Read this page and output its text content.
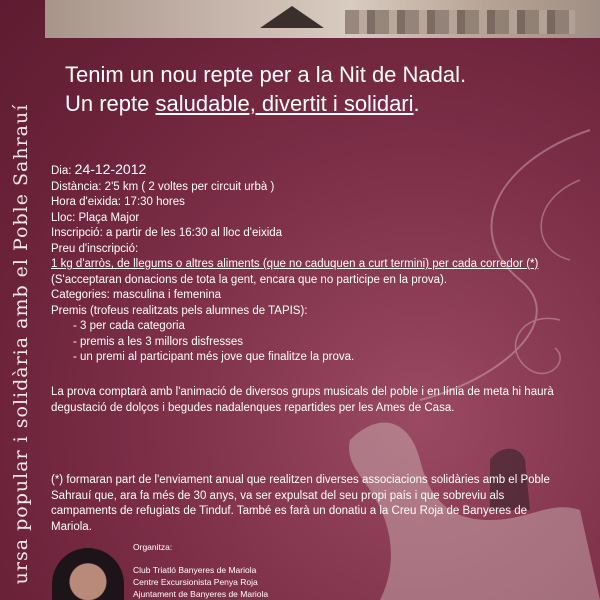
ursa popular i solidària amb el Poble Sahrauí
Tenim un nou repte per a la Nit de Nadal.
Un repte saludable, divertit i solidari.
Dia: 24-12-2012
Distància: 2'5 km ( 2 voltes per circuit urbà )
Hora d'eixida: 17:30 hores
Lloc: Plaça Major
Inscripció: a partir de les 16:30 al lloc d'eixida
Preu d'inscripció:
1 kg d'arròs, de llegums o altres aliments (que no caduquen a curt termini) per cada corredor (*)
(S'acceptaran donacions de tota la gent, encara que no participe en la prova).
Categories: masculina i femenina
Premis (trofeus realitzats pels alumnes de TAPIS):
- 3 per cada categoria
- premis a les 3 millors disfresses
- un premi al participant més jove que finalitze la prova.
La prova comptarà amb l'animació de diversos grups musicals del poble i en línia de meta hi haurà degustació de dolços i begudes nadalenques repartides per les Ames de Casa.
(*) formaran part de l'enviament anual que realitzen diverses associacions solidàries amb el Poble Sahrauí que, ara fa més de 30 anys, va ser expulsat del seu propi país i que sobreviu als campaments de refugiats de Tinduf. També es farà un donatiu a la Creu Roja de Banyeres de Mariola.
Organitza:
Club Triatló Banyeres de Mariola
Centre Excursionista Penya Roja
Ajuntament de Banyeres de Mariola
